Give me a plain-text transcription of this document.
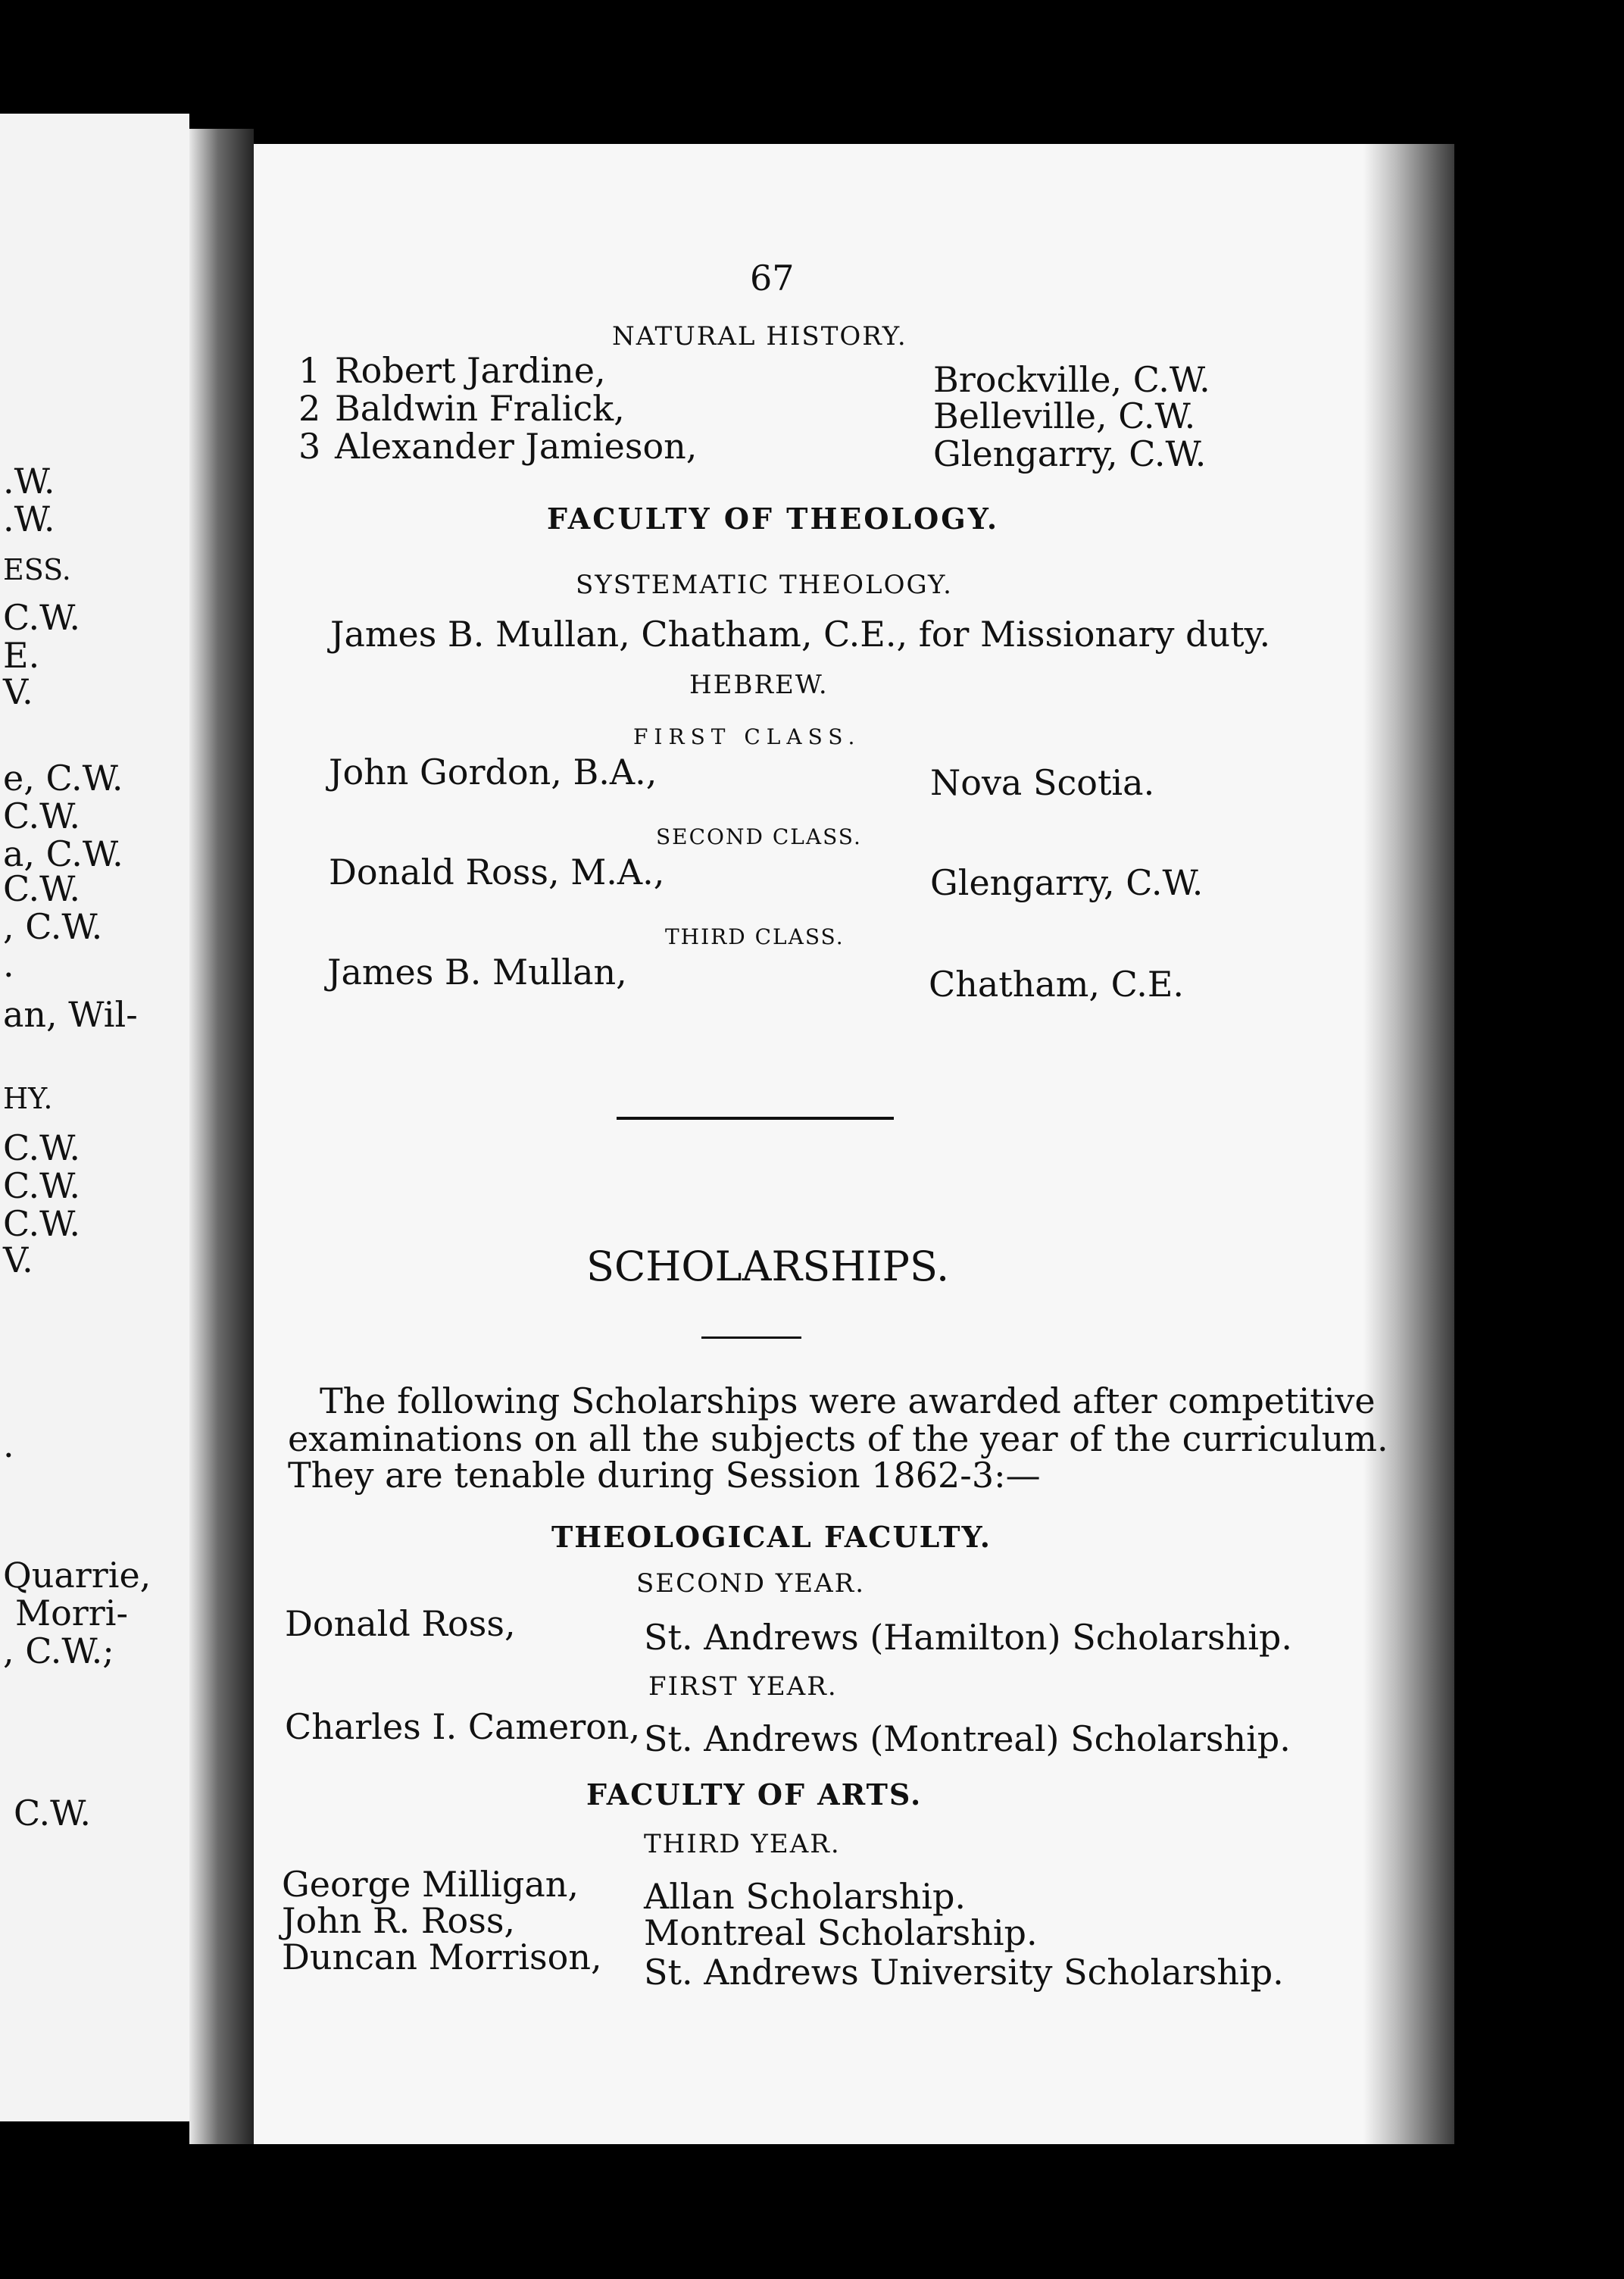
.W.
.W.
ESS.
C.W.
E.
V.
e, C.W.
C.W.
a, C.W.
C.W.
, C.W.
.
an, Wil-
HY.
C.W.
C.W.
C.W.
V.
.
Quarrie,
Morri-
, C.W.;
C.W.
67
NATURAL HISTORY.
1 Robert Jardine,	Brockville, C.W.
2 Baldwin Fralick,	Belleville, C.W.
3 Alexander Jamieson,	Glengarry, C.W.
FACULTY OF THEOLOGY.
SYSTEMATIC THEOLOGY.
James B. Mullan, Chatham, C.E., for Missionary duty.
HEBREW.
FIRST CLASS.
John Gordon, B.A.,	Nova Scotia.
SECOND CLASS.
Donald Ross, M.A.,	Glengarry, C.W.
THIRD CLASS.
James B. Mullan,	Chatham, C.E.
SCHOLARSHIPS.
The following Scholarships were awarded after competitive
examinations on all the subjects of the year of the curriculum.
They are tenable during Session 1862-3:—
THEOLOGICAL FACULTY.
SECOND YEAR.
Donald Ross,	St. Andrews (Hamilton) Scholarship.
FIRST YEAR.
Charles I. Cameron, St. Andrews (Montreal) Scholarship.
FACULTY OF ARTS.
THIRD YEAR.
George Milligan, Allan Scholarship.
John R. Ross,	Montreal Scholarship.
Duncan Morrison, St. Andrews University Scholarship.
